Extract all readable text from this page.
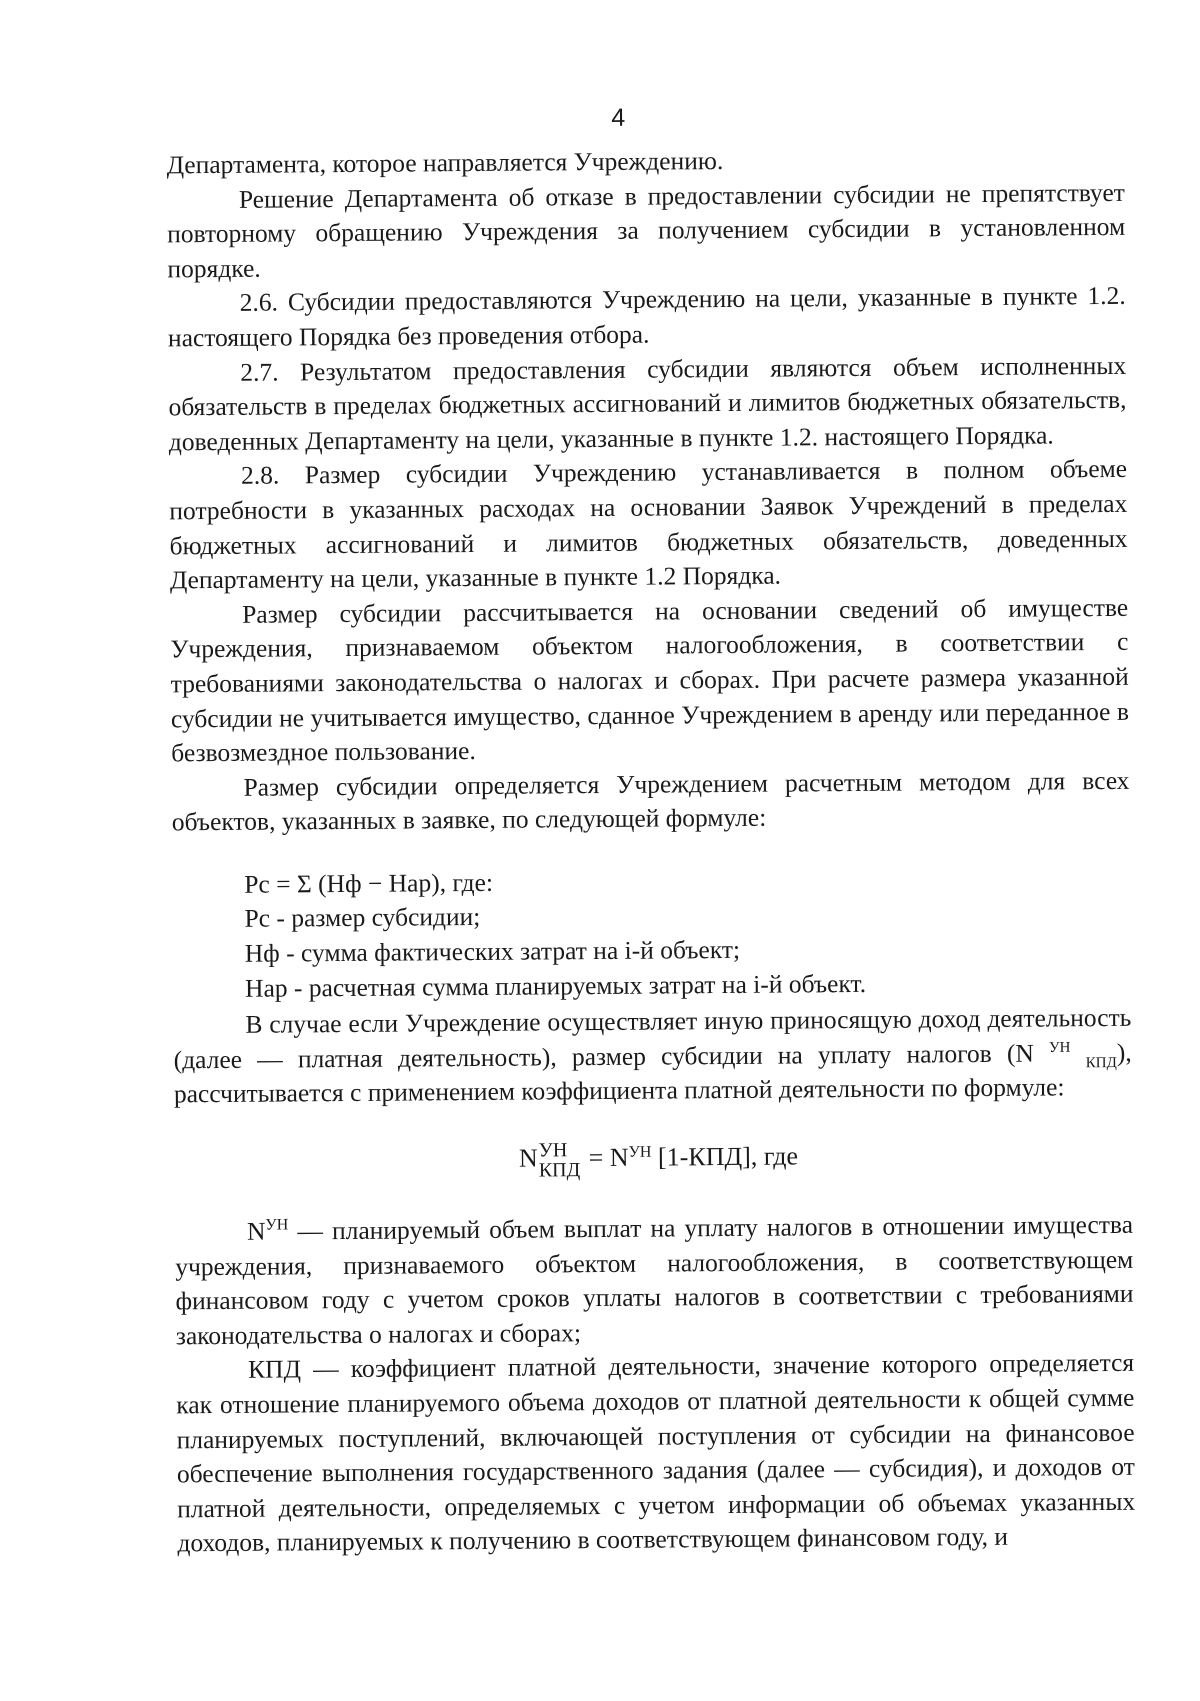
4

Департамента, которое направляется Учреждению.

Решение Департамента об отказе в предоставлении субсидии не препятствует повторному обращению Учреждения за получением субсидии в установленном порядке.

2.6. Субсидии предоставляются Учреждению на цели, указанные в пункте 1.2. настоящего Порядка без проведения отбора.

2.7. Результатом предоставления субсидии являются объем исполненных обязательств в пределах бюджетных ассигнований и лимитов бюджетных обязательств, доведенных Департаменту на цели, указанные в пункте 1.2. настоящего Порядка.

2.8. Размер субсидии Учреждению устанавливается в полном объеме потребности в указанных расходах на основании Заявок Учреждений в пределах бюджетных ассигнований и лимитов бюджетных обязательств, доведенных Департаменту на цели, указанные в пункте 1.2 Порядка.

Размер субсидии рассчитывается на основании сведений об имуществе Учреждения, признаваемом объектом налогообложения, в соответствии с требованиями законодательства о налогах и сборах. При расчете размера указанной субсидии не учитывается имущество, сданное Учреждением в аренду или переданное в безвозмездное пользование.

Размер субсидии определяется Учреждением расчетным методом для всех объектов, указанных в заявке, по следующей формуле:

Рс = Σ (Нф − Нар), где:
Рс - размер субсидии;
Нф - сумма фактических затрат на i-й объект;
Нар - расчетная сумма планируемых затрат на i-й объект.

В случае если Учреждение осуществляет иную приносящую доход деятельность (далее — платная деятельность), размер субсидии на уплату налогов (N $^{УН}$ $_{КПД}$), рассчитывается с применением коэффициента платной деятельности по формуле:

N УН
КПД = $N^{УН}$ [1-КПД], где

$N^{УН}$ — планируемый объем выплат на уплату налогов в отношении имущества учреждения, признаваемого объектом налогообложения, в соответствующем финансовом году с учетом сроков уплаты налогов в соответствии с требованиями законодательства о налогах и сборах;

КПД — коэффициент платной деятельности, значение которого определяется как отношение планируемого объема доходов от платной деятельности к общей сумме планируемых поступлений, включающей поступления от субсидии на финансовое обеспечение выполнения государственного задания (далее — субсидия), и доходов от платной деятельности, определяемых с учетом информации об объемах указанных доходов, планируемых к получению в соответствующем финансовом году, и
